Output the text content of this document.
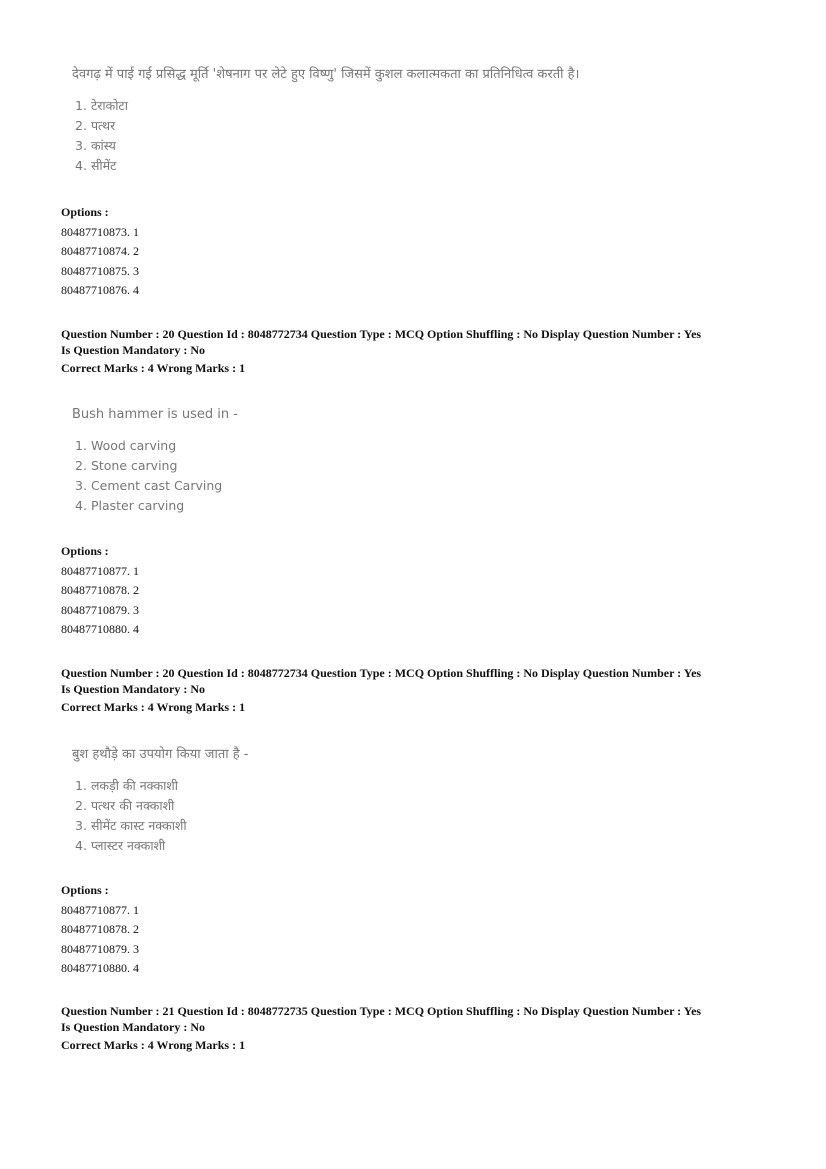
देवगढ़ में पाई गई प्रसिद्ध मूर्ति 'शेषनाग पर लेटे हुए विष्णु' जिसमें कुशल कलात्मकता का प्रतिनिधित्व करती है।
1. टेराकोटा
2. पत्थर
3. कांस्य
4. सीमेंट
Options :
80487710873. 1
80487710874. 2
80487710875. 3
80487710876. 4
Question Number : 20 Question Id : 8048772734 Question Type : MCQ Option Shuffling : No Display Question Number : Yes
Is Question Mandatory : No
Correct Marks : 4 Wrong Marks : 1
Bush hammer is used in -
1. Wood carving
2. Stone carving
3. Cement cast Carving
4. Plaster carving
Options :
80487710877. 1
80487710878. 2
80487710879. 3
80487710880. 4
Question Number : 20 Question Id : 8048772734 Question Type : MCQ Option Shuffling : No Display Question Number : Yes
Is Question Mandatory : No
Correct Marks : 4 Wrong Marks : 1
बुश हथौड़े का उपयोग किया जाता है -
1. लकड़ी की नक्काशी
2. पत्थर की नक्काशी
3. सीमेंट कास्ट नक्काशी
4. प्लास्टर नक्काशी
Options :
80487710877. 1
80487710878. 2
80487710879. 3
80487710880. 4
Question Number : 21 Question Id : 8048772735 Question Type : MCQ Option Shuffling : No Display Question Number : Yes
Is Question Mandatory : No
Correct Marks : 4 Wrong Marks : 1
